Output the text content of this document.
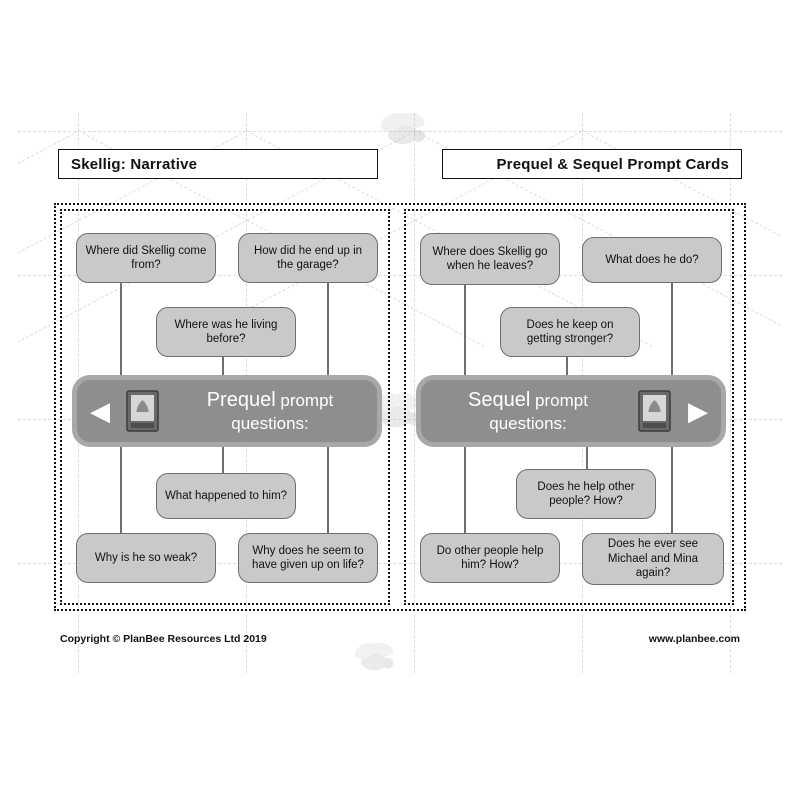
Skellig: Narrative	Prequel & Sequel Prompt Cards
Where did Skellig come from?
How did he end up in the garage?
Where was he living before?
◀	Prequel prompt
questions:
What happened to him?
Why is he so weak?
Why does he seem to have given up on life?
Where does Skellig go when he leaves?
What does he do?
Does he keep on getting stronger?
Sequel prompt
questions:	▶
Does he help other people? How?
Do other people help him? How?
Does he ever see Michael and Mina again?
Copyright © PlanBee Resources Ltd 2019	www.planbee.com
